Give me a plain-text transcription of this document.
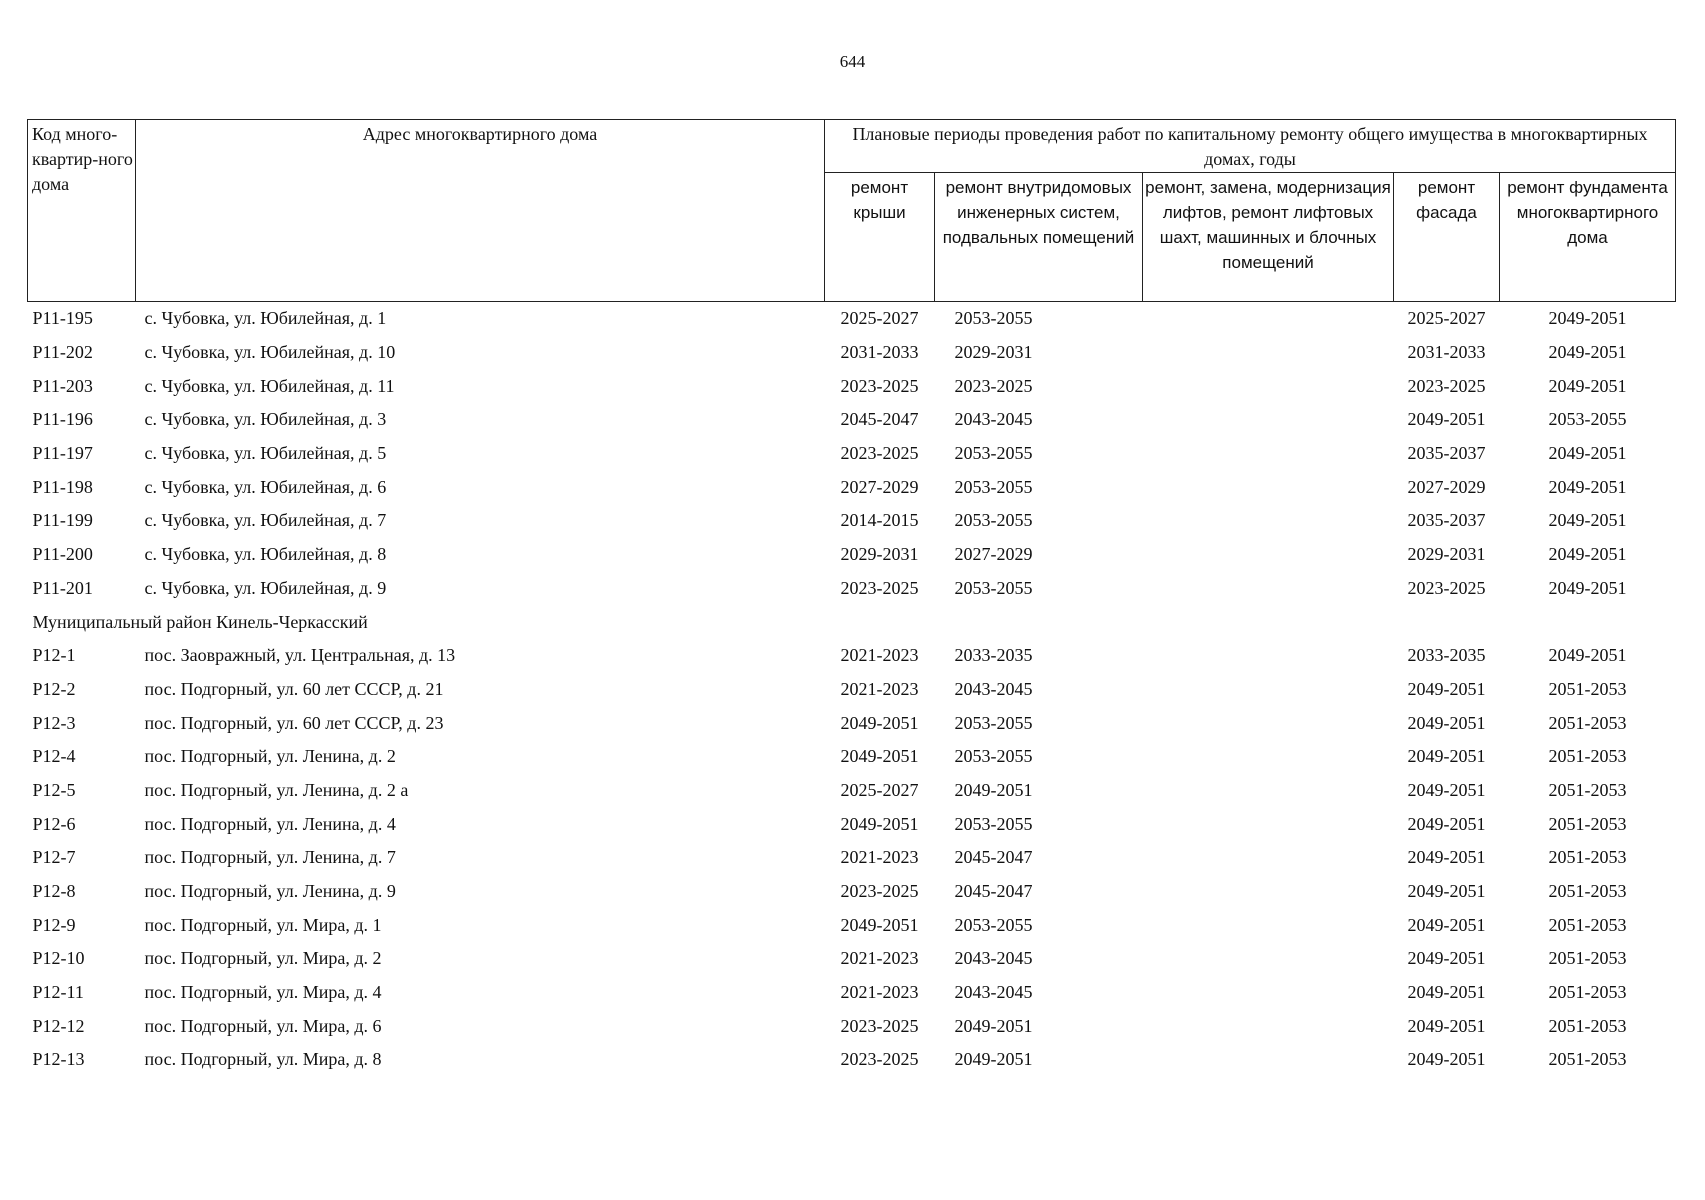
644
Код много-квартир-ного дома	Адрес многоквартирного дома	Плановые периоды проведения работ по капитальному ремонту общего имущества в многоквартирных домах, годы				
		ремонт крыши	ремонт внутридомовых инженерных систем, подвальных помещений	ремонт, замена, модернизация лифтов, ремонт лифтовых шахт, машинных и блочных помещений	ремонт фасада	ремонт фундамента многоквартирного дома
Р11-195	с. Чубовка, ул. Юбилейная, д. 1	2025-2027	2053-2055		2025-2027	2049-2051
Р11-202	с. Чубовка, ул. Юбилейная, д. 10	2031-2033	2029-2031		2031-2033	2049-2051
Р11-203	с. Чубовка, ул. Юбилейная, д. 11	2023-2025	2023-2025		2023-2025	2049-2051
Р11-196	с. Чубовка, ул. Юбилейная, д. 3	2045-2047	2043-2045		2049-2051	2053-2055
Р11-197	с. Чубовка, ул. Юбилейная, д. 5	2023-2025	2053-2055		2035-2037	2049-2051
Р11-198	с. Чубовка, ул. Юбилейная, д. 6	2027-2029	2053-2055		2027-2029	2049-2051
Р11-199	с. Чубовка, ул. Юбилейная, д. 7	2014-2015	2053-2055		2035-2037	2049-2051
Р11-200	с. Чубовка, ул. Юбилейная, д. 8	2029-2031	2027-2029		2029-2031	2049-2051
Р11-201	с. Чубовка, ул. Юбилейная, д. 9	2023-2025	2053-2055		2023-2025	2049-2051
Муниципальный район Кинель-Черкасский						
Р12-1	пос. Заовражный, ул. Центральная, д. 13	2021-2023	2033-2035		2033-2035	2049-2051
Р12-2	пос. Подгорный, ул. 60 лет СССР, д. 21	2021-2023	2043-2045		2049-2051	2051-2053
Р12-3	пос. Подгорный, ул. 60 лет СССР, д. 23	2049-2051	2053-2055		2049-2051	2051-2053
Р12-4	пос. Подгорный, ул. Ленина, д. 2	2049-2051	2053-2055		2049-2051	2051-2053
Р12-5	пос. Подгорный, ул. Ленина, д. 2 а	2025-2027	2049-2051		2049-2051	2051-2053
Р12-6	пос. Подгорный, ул. Ленина, д. 4	2049-2051	2053-2055		2049-2051	2051-2053
Р12-7	пос. Подгорный, ул. Ленина, д. 7	2021-2023	2045-2047		2049-2051	2051-2053
Р12-8	пос. Подгорный, ул. Ленина, д. 9	2023-2025	2045-2047		2049-2051	2051-2053
Р12-9	пос. Подгорный, ул. Мира, д. 1	2049-2051	2053-2055		2049-2051	2051-2053
Р12-10	пос. Подгорный, ул. Мира, д. 2	2021-2023	2043-2045		2049-2051	2051-2053
Р12-11	пос. Подгорный, ул. Мира, д. 4	2021-2023	2043-2045		2049-2051	2051-2053
Р12-12	пос. Подгорный, ул. Мира, д. 6	2023-2025	2049-2051		2049-2051	2051-2053
Р12-13	пос. Подгорный, ул. Мира, д. 8	2023-2025	2049-2051		2049-2051	2051-2053
